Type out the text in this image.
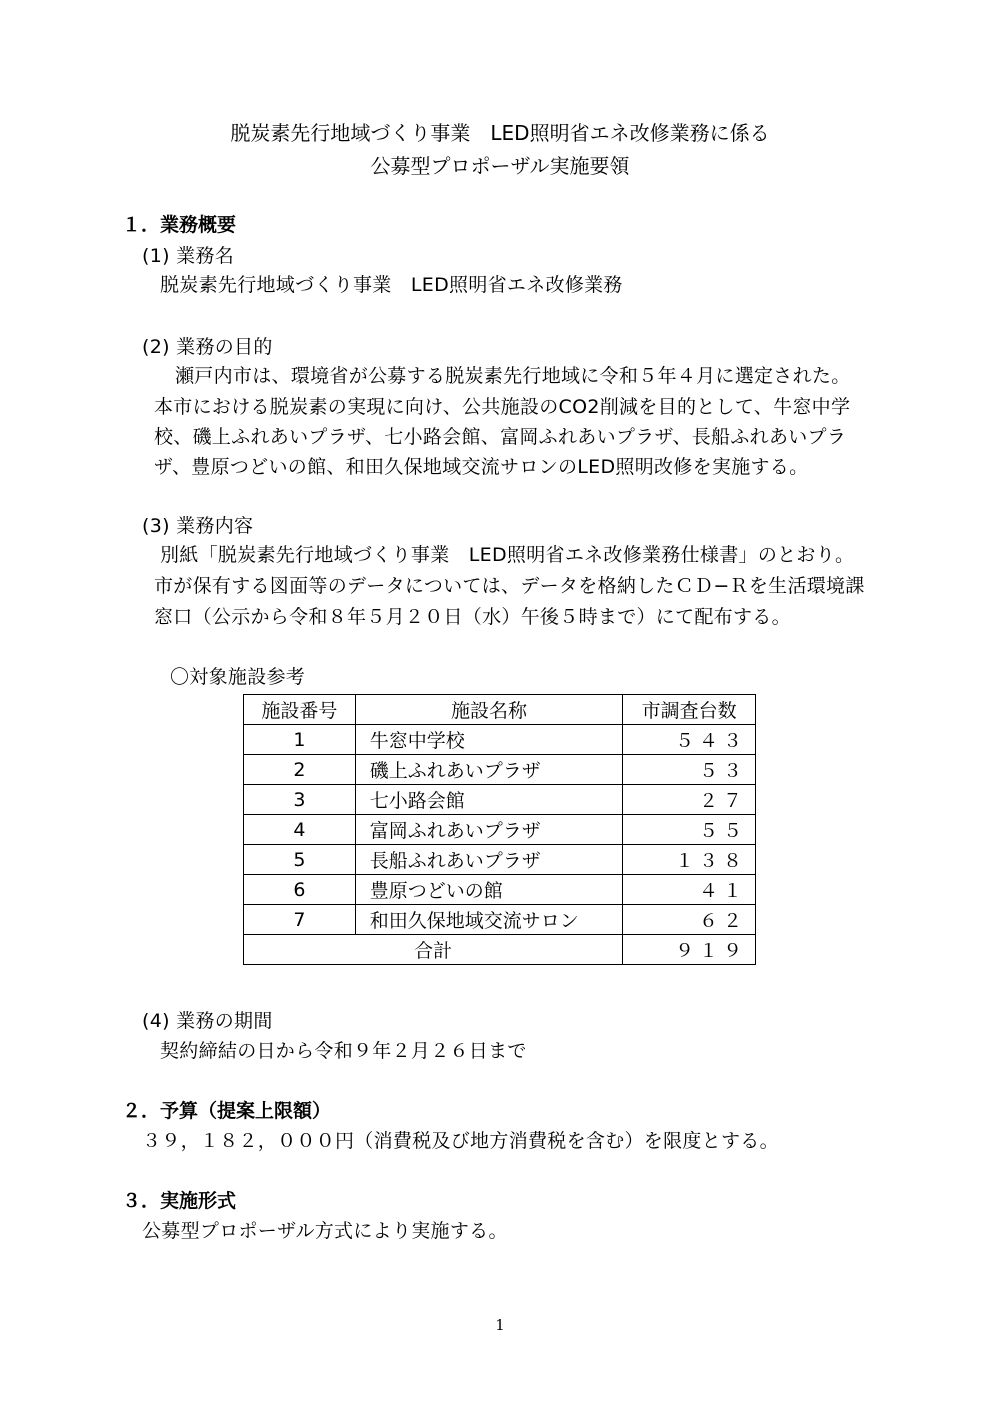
脱炭素先行地域づくり事業　LED照明省エネ改修業務に係る
公募型プロポーザル実施要領
１．業務概要
(1) 業務名
脱炭素先行地域づくり事業　LED照明省エネ改修業務
(2) 業務の目的
瀬戸内市は、環境省が公募する脱炭素先行地域に令和５年４月に選定された。
本市における脱炭素の実現に向け、公共施設のCO2削減を目的として、牛窓中学
校、磯上ふれあいプラザ、七小路会館、富岡ふれあいプラザ、長船ふれあいプラ
ザ、豊原つどいの館、和田久保地域交流サロンのLED照明改修を実施する。
(3) 業務内容
別紙「脱炭素先行地域づくり事業　LED照明省エネ改修業務仕様書」のとおり。
市が保有する図面等のデータについては、データを格納したＣＤ−Ｒを生活環境課
窓口（公示から令和８年５月２０日（水）午後５時まで）にて配布する。
〇対象施設参考
施設番号	施設名称	市調査台数
1	牛窓中学校	５４３
2	磯上ふれあいプラザ	５３
3	七小路会館	２７
4	富岡ふれあいプラザ	５５
5	長船ふれあいプラザ	１３８
6	豊原つどいの館	４１
7	和田久保地域交流サロン	６２
合計		９１９
(4) 業務の期間
契約締結の日から令和９年２月２６日まで
２．予算（提案上限額）
３９，１８２，０００円（消費税及び地方消費税を含む）を限度とする。
３．実施形式
公募型プロポーザル方式により実施する。
1
